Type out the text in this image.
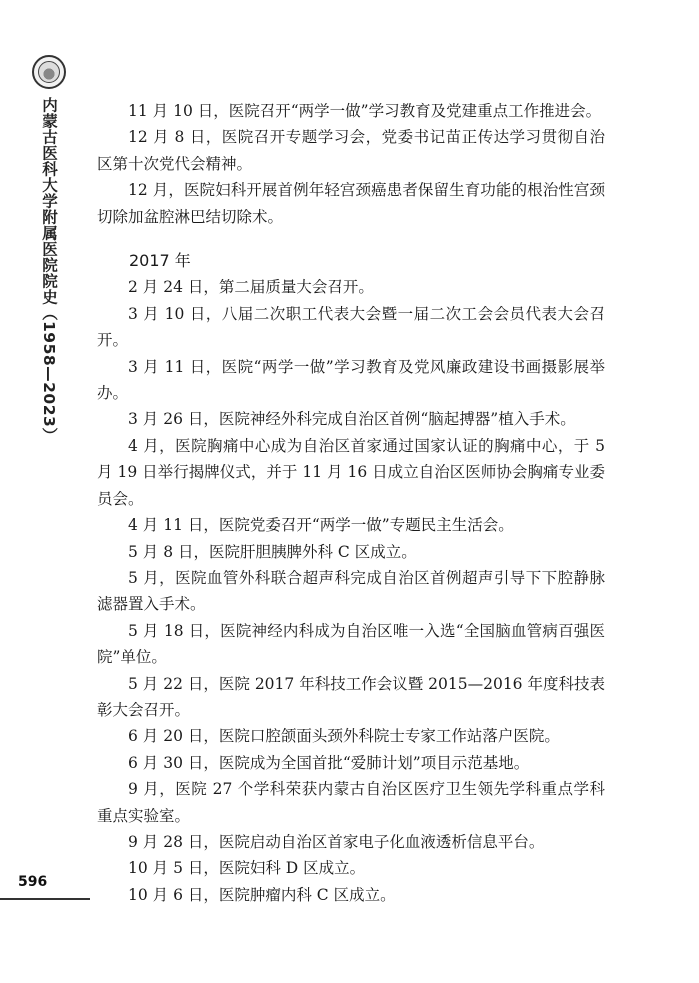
内蒙古医科大学附属医院院史（1958—2023）	11 月 10 日，医院召开“两学一做”学习教育及党建重点工作推进会。

12 月 8 日，医院召开专题学习会，党委书记苗正传达学习贯彻自治区第十次党代会精神。

12 月，医院妇科开展首例年轻宫颈癌患者保留生育功能的根治性宫颈切除加盆腔淋巴结切除术。

2017 年

2 月 24 日，第二届质量大会召开。

3 月 10 日，八届二次职工代表大会暨一届二次工会会员代表大会召开。

3 月 11 日，医院“两学一做”学习教育及党风廉政建设书画摄影展举办。

3 月 26 日，医院神经外科完成自治区首例“脑起搏器”植入手术。

4 月，医院胸痛中心成为自治区首家通过国家认证的胸痛中心，于 5 月 19 日举行揭牌仪式，并于 11 月 16 日成立自治区医师协会胸痛专业委员会。

4 月 11 日，医院党委召开“两学一做”专题民主生活会。

5 月 8 日，医院肝胆胰脾外科 C 区成立。

5 月，医院血管外科联合超声科完成自治区首例超声引导下下腔静脉滤器置入手术。

5 月 18 日，医院神经内科成为自治区唯一入选“全国脑血管病百强医院”单位。

5 月 22 日，医院 2017 年科技工作会议暨 2015—2016 年度科技表彰大会召开。

6 月 20 日，医院口腔颌面头颈外科院士专家工作站落户医院。

6 月 30 日，医院成为全国首批“爱肺计划”项目示范基地。

9 月，医院 27 个学科荣获内蒙古自治区医疗卫生领先学科重点学科重点实验室。

9 月 28 日，医院启动自治区首家电子化血液透析信息平台。

10 月 5 日，医院妇科 D 区成立。

10 月 6 日，医院肿瘤内科 C 区成立。

596
